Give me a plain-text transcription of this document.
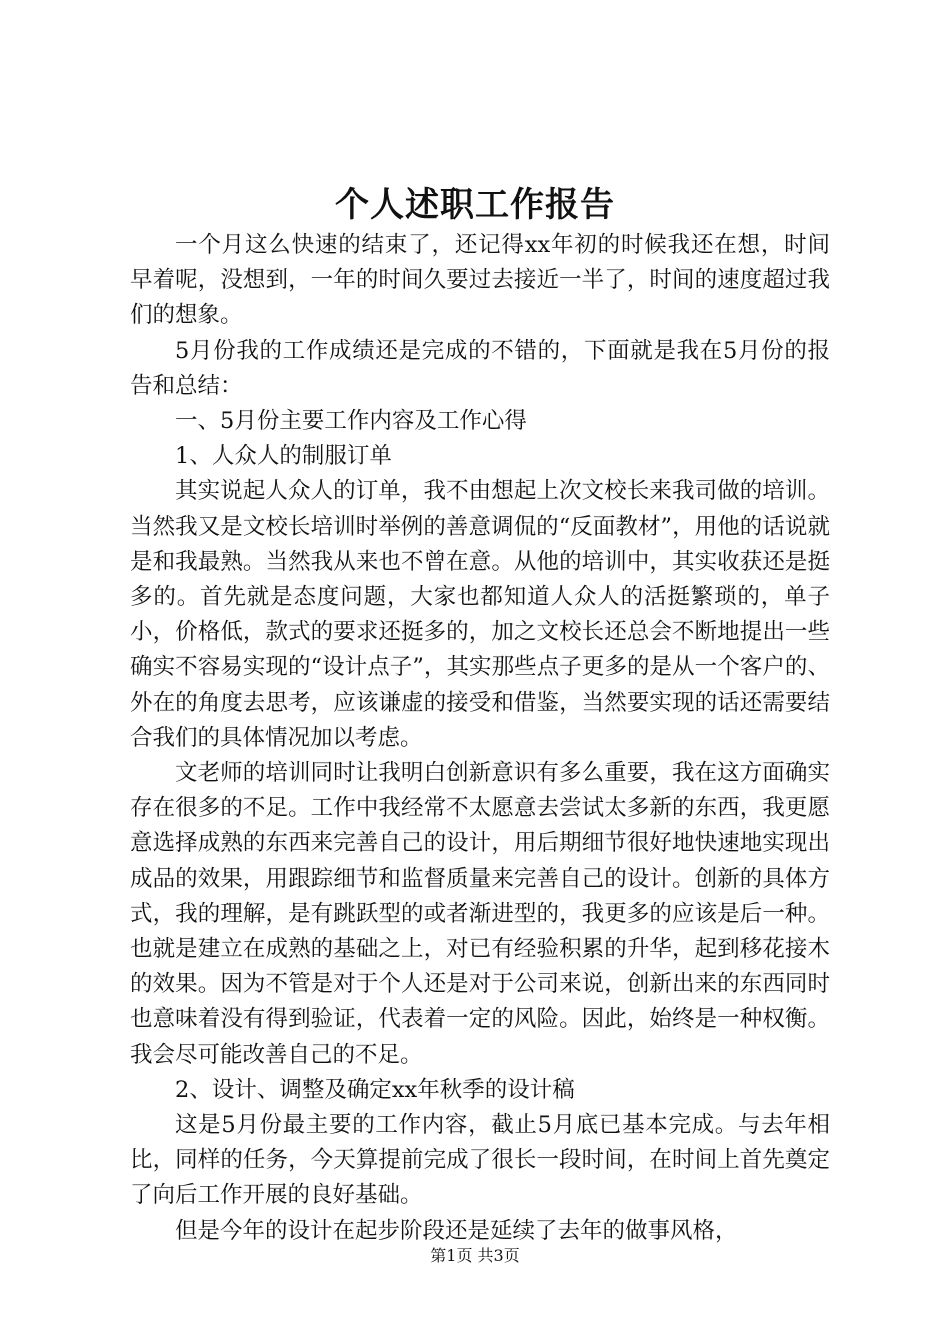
个人述职工作报告

一个月这么快速的结束了，还记得xx年初的时候我还在想，时间早着呢，没想到，一年的时间久要过去接近一半了，时间的速度超过我们的想象。

5月份我的工作成绩还是完成的不错的，下面就是我在5月份的报告和总结：

一、5月份主要工作内容及工作心得

1、人众人的制服订单

其实说起人众人的订单，我不由想起上次文校长来我司做的培训。当然我又是文校长培训时举例的善意调侃的“反面教材”，用他的话说就是和我最熟。当然我从来也不曾在意。从他的培训中，其实收获还是挺多的。首先就是态度问题，大家也都知道人众人的活挺繁琐的，单子小，价格低，款式的要求还挺多的，加之文校长还总会不断地提出一些确实不容易实现的“设计点子”，其实那些点子更多的是从一个客户的、外在的角度去思考，应该谦虚的接受和借鉴，当然要实现的话还需要结合我们的具体情况加以考虑。

文老师的培训同时让我明白创新意识有多么重要，我在这方面确实存在很多的不足。工作中我经常不太愿意去尝试太多新的东西，我更愿意选择成熟的东西来完善自己的设计，用后期细节很好地快速地实现出成品的效果，用跟踪细节和监督质量来完善自己的设计。创新的具体方式，我的理解，是有跳跃型的或者渐进型的，我更多的应该是后一种。也就是建立在成熟的基础之上，对已有经验积累的升华，起到移花接木的效果。因为不管是对于个人还是对于公司来说，创新出来的东西同时也意味着没有得到验证，代表着一定的风险。因此，始终是一种权衡。我会尽可能改善自己的不足。

2、设计、调整及确定xx年秋季的设计稿

这是5月份最主要的工作内容，截止5月底已基本完成。与去年相比，同样的任务，今天算提前完成了很长一段时间，在时间上首先奠定了向后工作开展的良好基础。

但是今年的设计在起步阶段还是延续了去年的做事风格，

第1页 共3页
